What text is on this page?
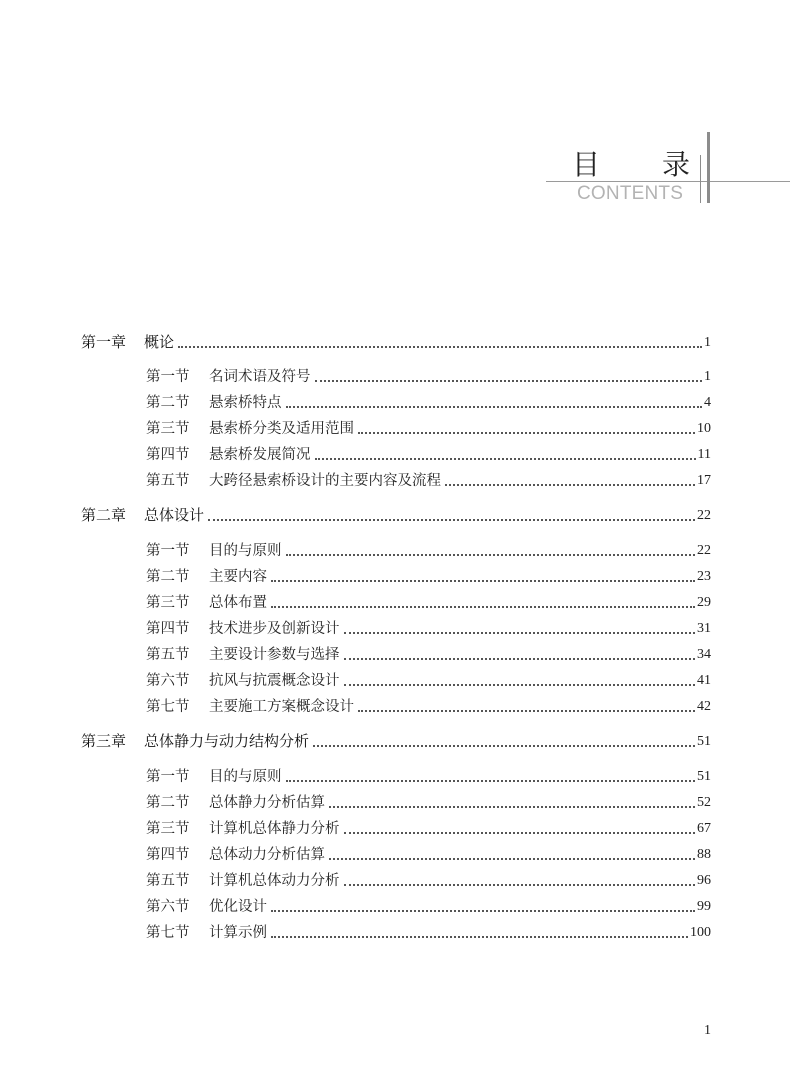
目 录
CONTENTS
第一章 概论	1
第一节 名词术语及符号	1
第二节 悬索桥特点	4
第三节 悬索桥分类及适用范围	10
第四节 悬索桥发展简况	11
第五节 大跨径悬索桥设计的主要内容及流程	17
第二章 总体设计	22
第一节 目的与原则	22
第二节 主要内容	23
第三节 总体布置	29
第四节 技术进步及创新设计	31
第五节 主要设计参数与选择	34
第六节 抗风与抗震概念设计	41
第七节 主要施工方案概念设计	42
第三章 总体静力与动力结构分析	51
第一节 目的与原则	51
第二节 总体静力分析估算	52
第三节 计算机总体静力分析	67
第四节 总体动力分析估算	88
第五节 计算机总体动力分析	96
第六节 优化设计	99
第七节 计算示例	100
1
